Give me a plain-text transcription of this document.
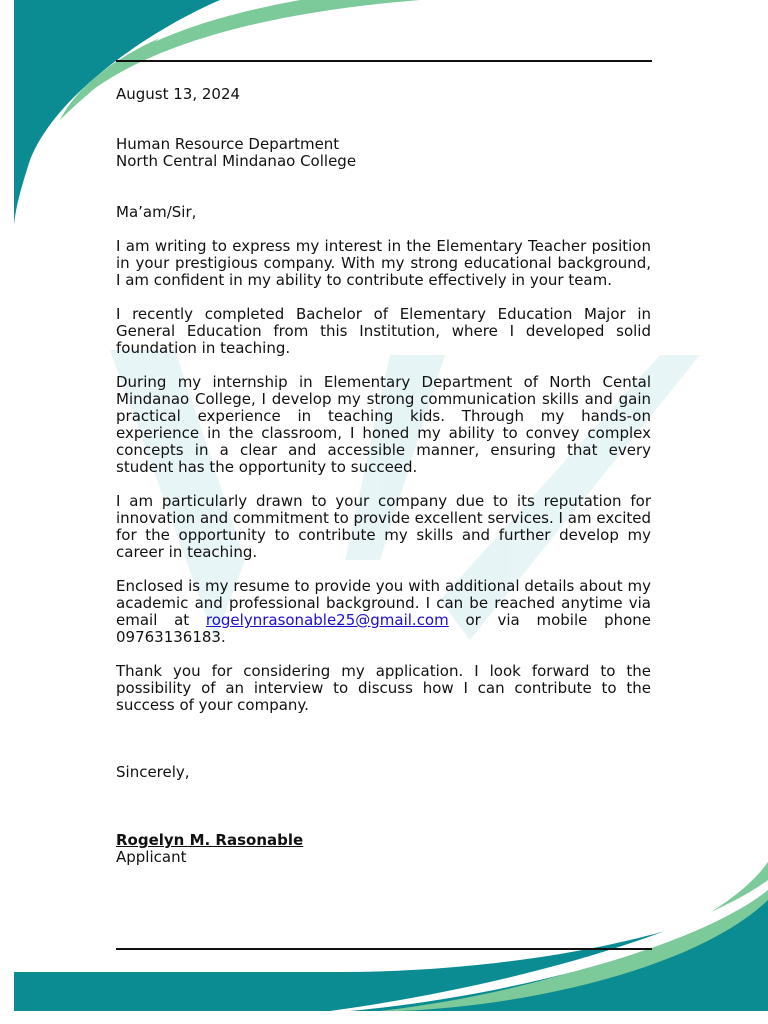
August 13, 2024

Human Resource Department

North Central Mindanao College

Ma’am/Sir,

I am writing to express my interest in the Elementary Teacher position in your prestigious company. With my strong educational background, I am confident in my ability to contribute effectively in your team.

I recently completed Bachelor of Elementary Education Major in General Education from this Institution, where I developed solid foundation in teaching.

During my internship in Elementary Department of North Cental Mindanao College, I develop my strong communication skills and gain practical experience in teaching kids. Through my hands-on experience in the classroom, I honed my ability to convey complex concepts in a clear and accessible manner, ensuring that every student has the opportunity to succeed.

I am particularly drawn to your company due to its reputation for innovation and commitment to provide excellent services. I am excited for the opportunity to contribute my skills and further develop my career in teaching.

Enclosed is my resume to provide you with additional details about my academic and professional background. I can be reached anytime via email at rogelynrasonable25@gmail.com or via mobile phone 09763136183.

Thank you for considering my application. I look forward to the possibility of an interview to discuss how I can contribute to the success of your company.

Sincerely,

Rogelyn M. Rasonable

Applicant
